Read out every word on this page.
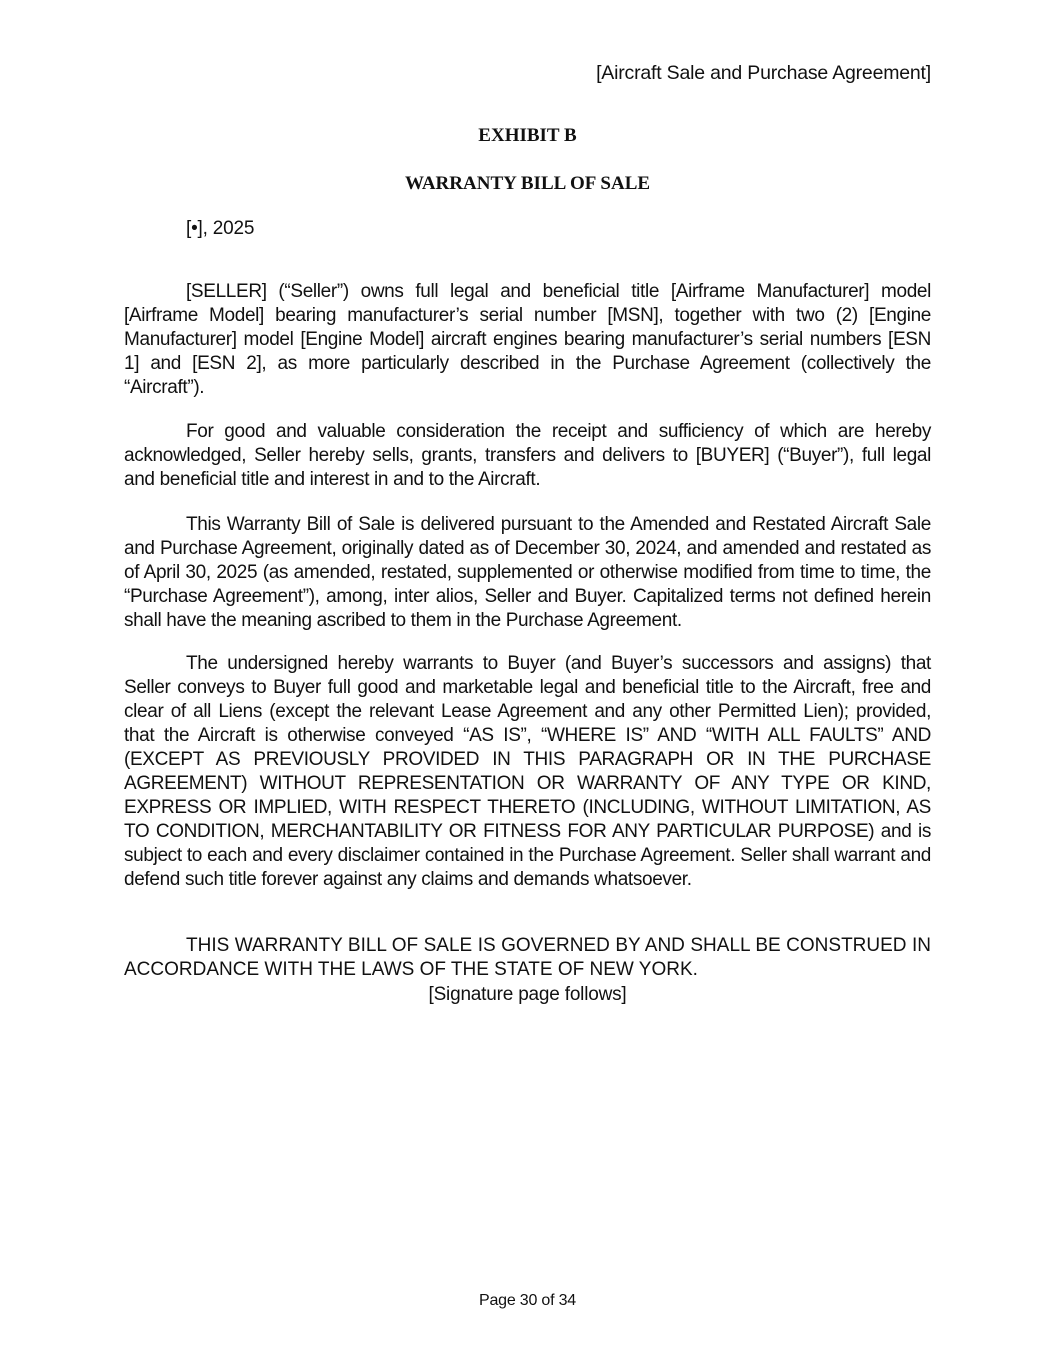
[Aircraft Sale and Purchase Agreement]
EXHIBIT B
WARRANTY BILL OF SALE
[•], 2025

[SELLER] (“Seller”) owns full legal and beneficial title [Airframe Manufacturer] model [Airframe Model] bearing manufacturer’s serial number [MSN], together with two (2) [Engine Manufacturer] model [Engine Model] aircraft engines bearing manufacturer’s serial numbers [ESN 1] and [ESN 2], as more particularly described in the Purchase Agreement (collectively the “Aircraft”).

For good and valuable consideration the receipt and sufficiency of which are hereby acknowledged, Seller hereby sells, grants, transfers and delivers to [BUYER] (“Buyer”), full legal and beneficial title and interest in and to the Aircraft.

This Warranty Bill of Sale is delivered pursuant to the Amended and Restated Aircraft Sale and Purchase Agreement, originally dated as of December 30, 2024, and amended and restated as of April 30, 2025 (as amended, restated, supplemented or otherwise modified from time to time, the “Purchase Agreement”), among, inter alios, Seller and Buyer. Capitalized terms not defined herein shall have the meaning ascribed to them in the Purchase Agreement.

The undersigned hereby warrants to Buyer (and Buyer’s successors and assigns) that Seller conveys to Buyer full good and marketable legal and beneficial title to the Aircraft, free and clear of all Liens (except the relevant Lease Agreement and any other Permitted Lien); provided, that the Aircraft is otherwise conveyed “AS IS”, “WHERE IS” AND “WITH ALL FAULTS” AND (EXCEPT AS PREVIOUSLY PROVIDED IN THIS PARAGRAPH OR IN THE PURCHASE AGREEMENT) WITHOUT REPRESENTATION OR WARRANTY OF ANY TYPE OR KIND, EXPRESS OR IMPLIED, WITH RESPECT THERETO (INCLUDING, WITHOUT LIMITATION, AS TO CONDITION, MERCHANTABILITY OR FITNESS FOR ANY PARTICULAR PURPOSE) and is subject to each and every disclaimer contained in the Purchase Agreement. Seller shall warrant and defend such title forever against any claims and demands whatsoever.

THIS WARRANTY BILL OF SALE IS GOVERNED BY AND SHALL BE CONSTRUED IN ACCORDANCE WITH THE LAWS OF THE STATE OF NEW YORK.

[Signature page follows]
Page 30 of 34
